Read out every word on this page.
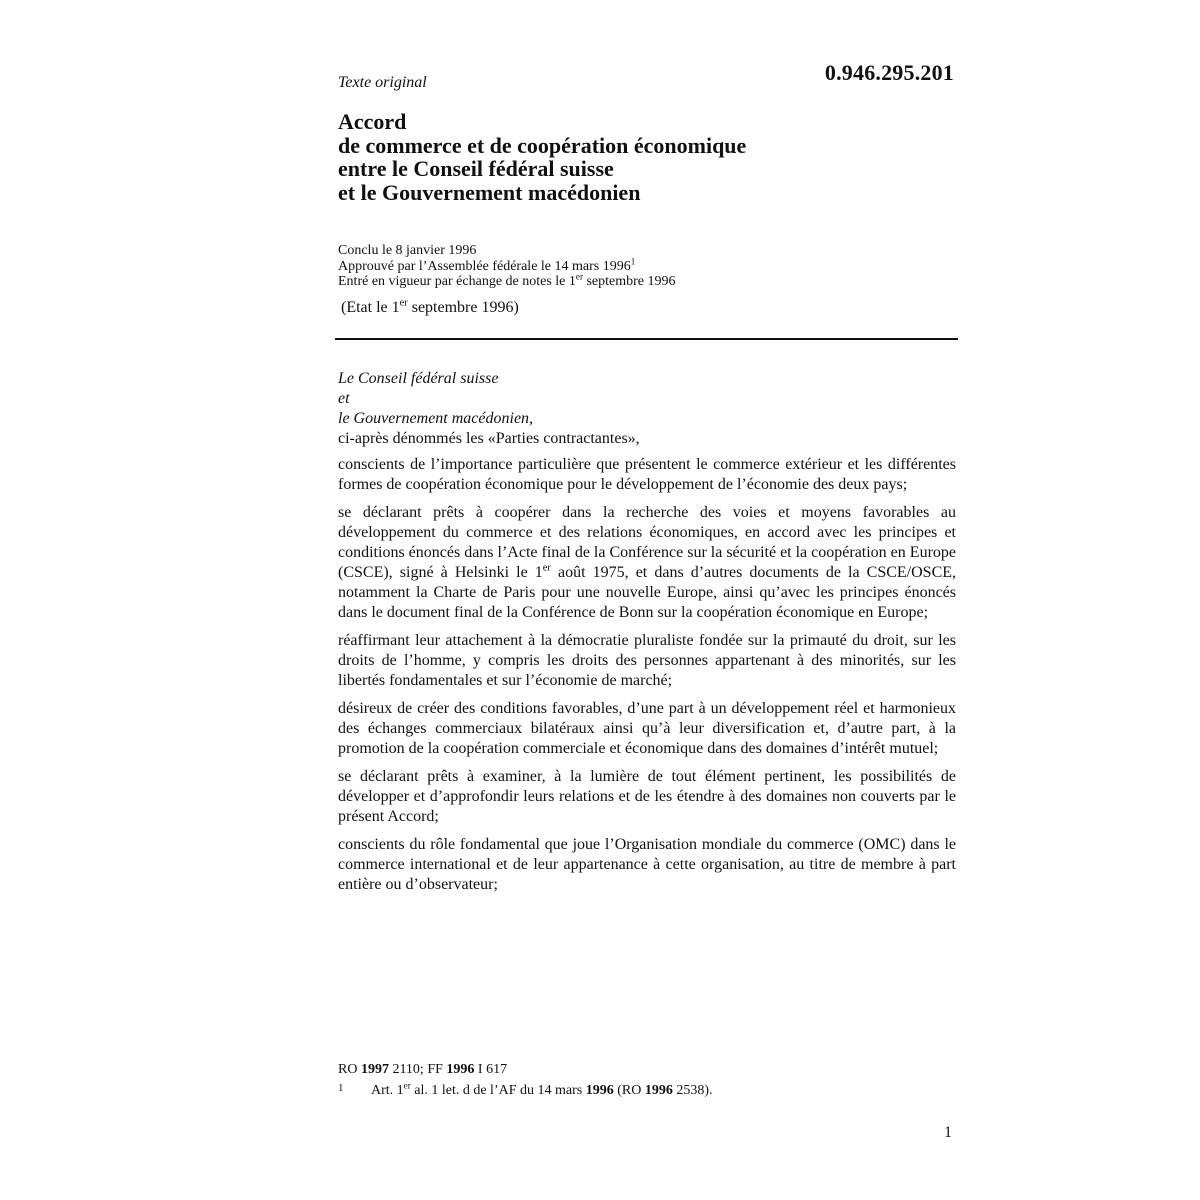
0.946.295.201
Texte original
Accord
de commerce et de coopération économique
entre le Conseil fédéral suisse
et le Gouvernement macédonien
Conclu le 8 janvier 1996
Approuvé par l’Assemblée fédérale le 14 mars 1996$^1$
Entré en vigueur par échange de notes le 1er septembre 1996
(Etat le 1er septembre 1996)
Le Conseil fédéral suisse
et
le Gouvernement macédonien,
ci-après dénommés les «Parties contractantes»,

conscients de l’importance particulière que présentent le commerce extérieur et les différentes formes de coopération économique pour le développement de l’économie des deux pays;

se déclarant prêts à coopérer dans la recherche des voies et moyens favorables au développement du commerce et des relations économiques, en accord avec les principes et conditions énoncés dans l’Acte final de la Conférence sur la sécurité et la coopération en Europe (CSCE), signé à Helsinki le 1er août 1975, et dans d’autres documents de la CSCE/OSCE, notamment la Charte de Paris pour une nouvelle Europe, ainsi qu’avec les principes énoncés dans le document final de la Conférence de Bonn sur la coopération économique en Europe;

réaffirmant leur attachement à la démocratie pluraliste fondée sur la primauté du droit, sur les droits de l’homme, y compris les droits des personnes appartenant à des minorités, sur les libertés fondamentales et sur l’économie de marché;

désireux de créer des conditions favorables, d’une part à un développement réel et harmonieux des échanges commerciaux bilatéraux ainsi qu’à leur diversification et, d’autre part, à la promotion de la coopération commerciale et économique dans des domaines d’intérêt mutuel;

se déclarant prêts à examiner, à la lumière de tout élément pertinent, les possibilités de développer et d’approfondir leurs relations et de les étendre à des domaines non couverts par le présent Accord;

conscients du rôle fondamental que joue l’Organisation mondiale du commerce (OMC) dans le commerce international et de leur appartenance à cette organisation, au titre de membre à part entière ou d’observateur;

RO 1997 2110; FF 1996 I 617
1 Art. 1er al. 1 let. d de l’AF du 14 mars 1996 (RO 1996 2538).
1
